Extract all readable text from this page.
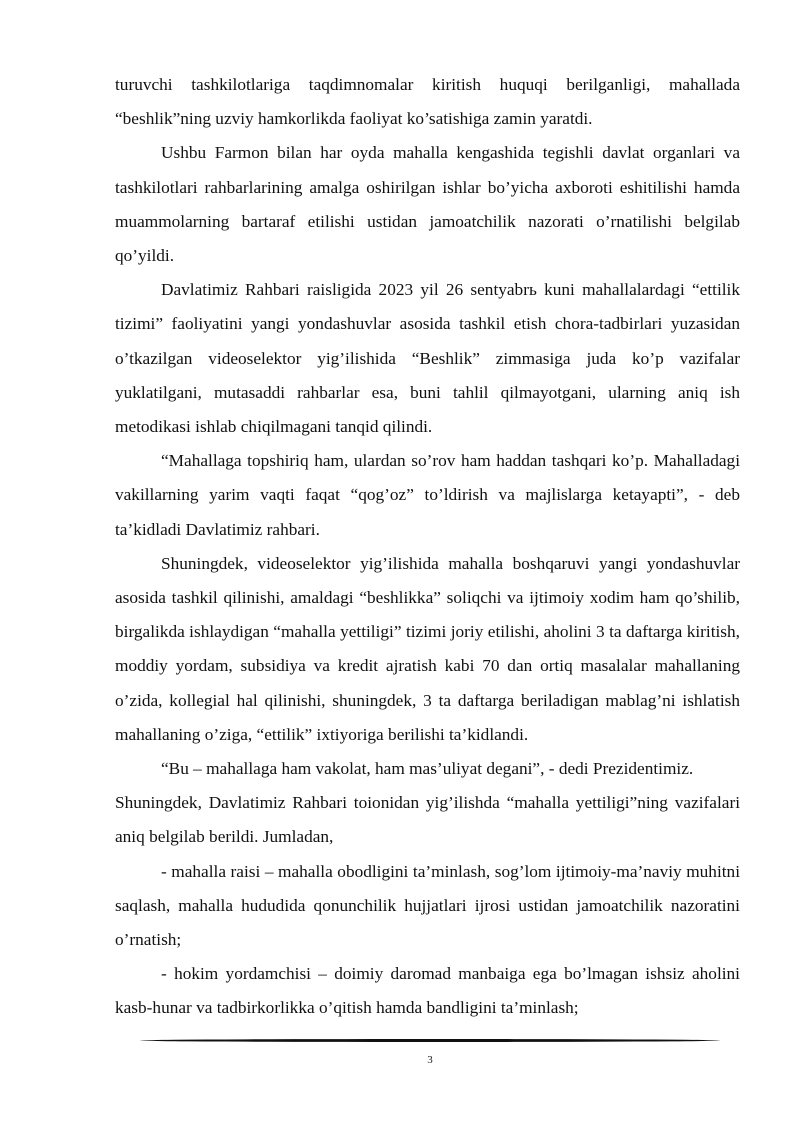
turuvchi tashkilotlariga taqdimnomalar kiritish huquqi berilganligi, mahallada “beshlik”ning uzviy hamkorlikda faoliyat ko’satishiga zamin yaratdi.

Ushbu Farmon bilan har oyda mahalla kengashida tegishli davlat organlari va tashkilotlari rahbarlarining amalga oshirilgan ishlar bo’yicha axboroti eshitilishi hamda muammolarning bartaraf etilishi ustidan jamoatchilik nazorati o’rnatilishi belgilab qo’yildi.

Davlatimiz Rahbari raisligida 2023 yil 26 sentyabrь kuni mahallalardagi “ettilik tizimi” faoliyatini yangi yondashuvlar asosida tashkil etish chora-tadbirlari yuzasidan o’tkazilgan videoselektor yig’ilishida “Beshlik” zimmasiga juda ko’p vazifalar yuklatilgani, mutasaddi rahbarlar esa, buni tahlil qilmayotgani, ularning aniq ish metodikasi ishlab chiqilmagani tanqid qilindi.

“Mahallaga topshiriq ham, ulardan so’rov ham haddan tashqari ko’p. Mahalladagi vakillarning yarim vaqti faqat “qog’oz” to’ldirish va majlislarga ketayapti”, - deb ta’kidladi Davlatimiz rahbari.

Shuningdek, videoselektor yig’ilishida mahalla boshqaruvi yangi yondashuvlar asosida tashkil qilinishi, amaldagi “beshlikka” soliqchi va ijtimoiy xodim ham qo’shilib, birgalikda ishlaydigan “mahalla yettiligi” tizimi joriy etilishi, aholini 3 ta daftarga kiritish, moddiy yordam, subsidiya va kredit ajratish kabi 70 dan ortiq masalalar mahallaning o’zida, kollegial hal qilinishi, shuningdek, 3 ta daftarga beriladigan mablag’ni ishlatish mahallaning o’ziga, “ettilik” ixtiyoriga berilishi ta’kidlandi.

“Bu – mahallaga ham vakolat, ham mas’uliyat degani”, - dedi Prezidentimiz.

Shuningdek, Davlatimiz Rahbari toionidan yig’ilishda “mahalla yettiligi”ning vazifalari aniq belgilab berildi. Jumladan,

- mahalla raisi – mahalla obodligini ta’minlash, sog’lom ijtimoiy-ma’naviy muhitni saqlash, mahalla hududida qonunchilik hujjatlari ijrosi ustidan jamoatchilik nazoratini o’rnatish;

- hokim yordamchisi – doimiy daromad manbaiga ega bo’lmagan ishsiz aholini kasb-hunar va tadbirkorlikka o’qitish hamda bandligini ta’minlash;

3
